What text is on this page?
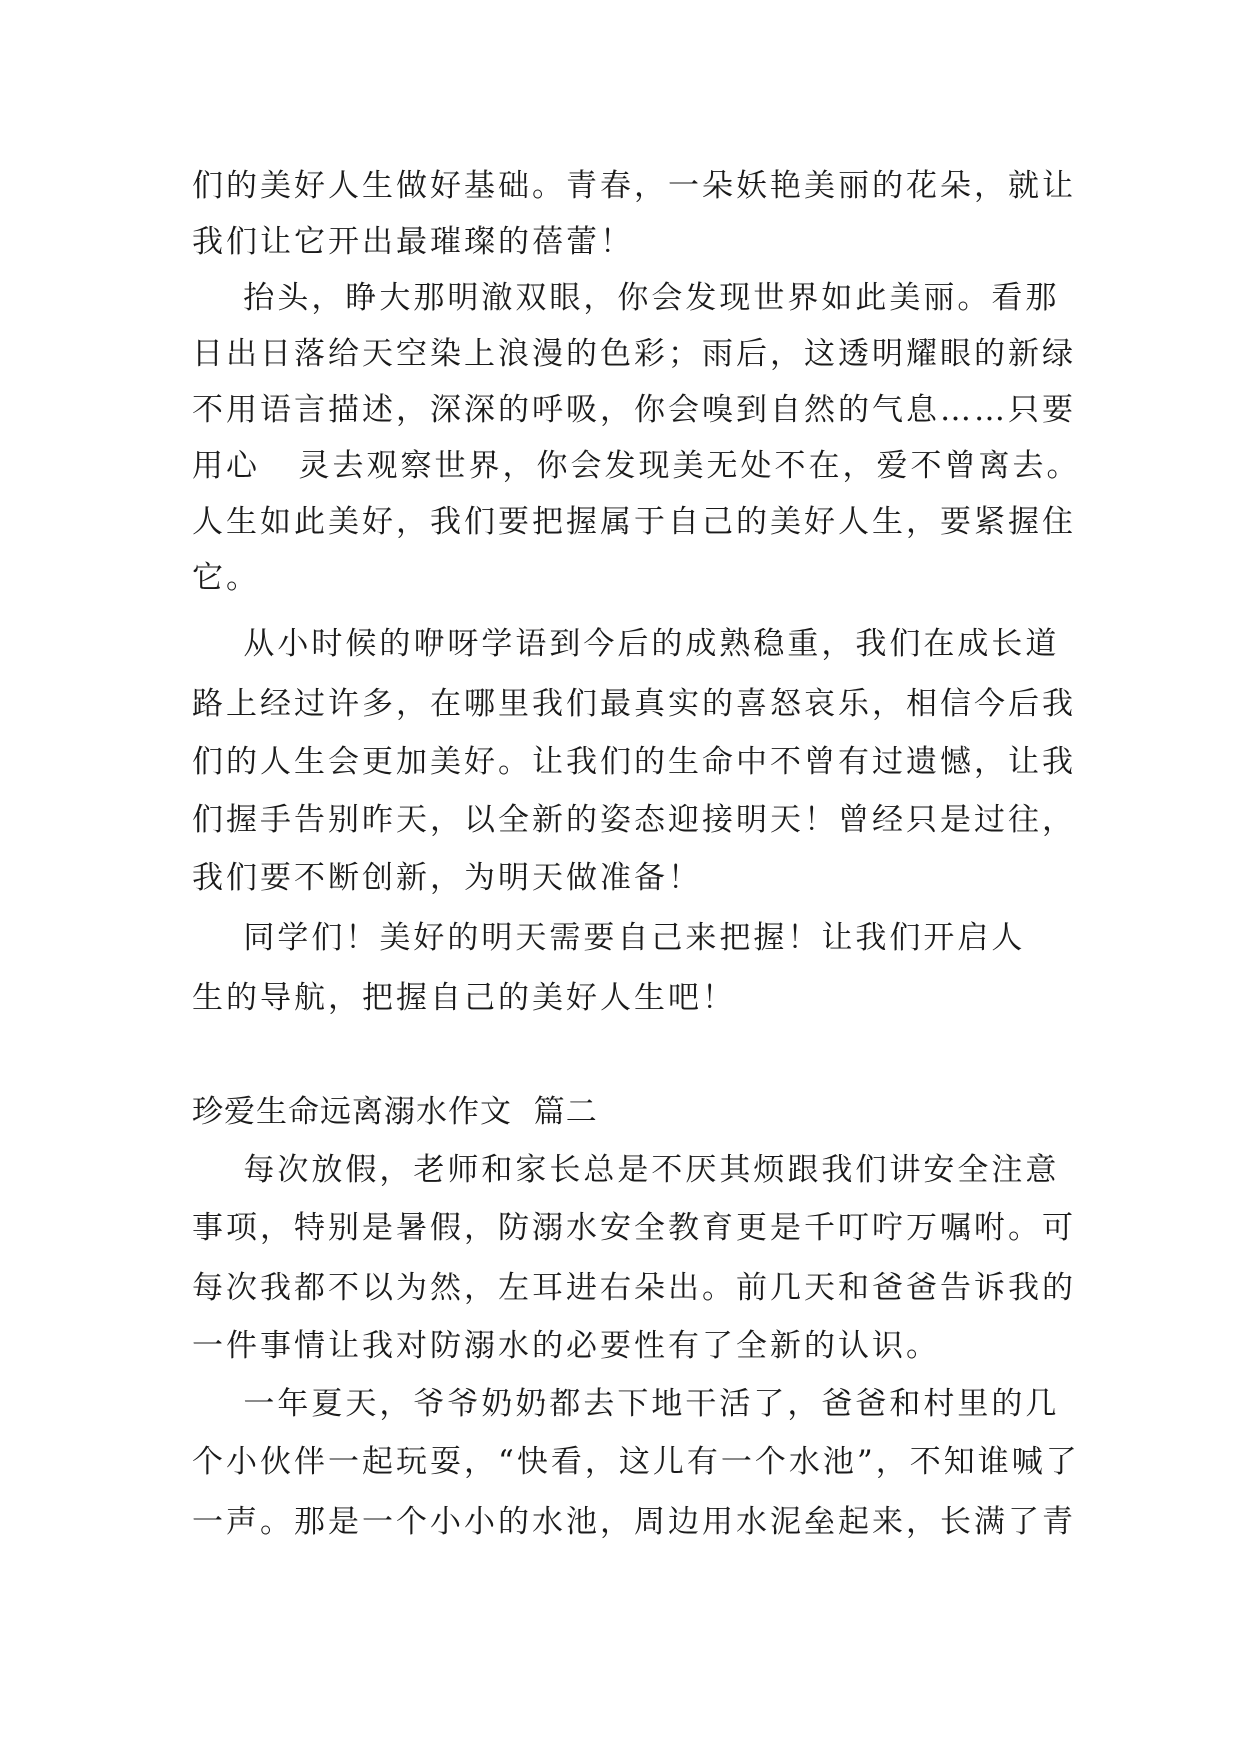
们的美好人生做好基础。青春，一朵妖艳美丽的花朵，就让
我们让它开出最璀璨的蓓蕾！
抬头，睁大那明澈双眼，你会发现世界如此美丽。看那
日出日落给天空染上浪漫的色彩；雨后，这透明耀眼的新绿
不用语言描述，深深的呼吸，你会嗅到自然的气息……只要
用心   灵去观察世界，你会发现美无处不在，爱不曾离去。
人生如此美好，我们要把握属于自己的美好人生，要紧握住
它。
从小时候的咿呀学语到今后的成熟稳重，我们在成长道
路上经过许多，在哪里我们最真实的喜怒哀乐，相信今后我
们的人生会更加美好。让我们的生命中不曾有过遗憾，让我
们握手告别昨天，以全新的姿态迎接明天！曾经只是过往，
我们要不断创新，为明天做准备！
同学们！美好的明天需要自己来把握！让我们开启人
生的导航，把握自己的美好人生吧！
珍爱生命远离溺水作文  篇二
每次放假，老师和家长总是不厌其烦跟我们讲安全注意
事项，特别是暑假，防溺水安全教育更是千叮咛万嘱咐。可
每次我都不以为然，左耳进右朵出。前几天和爸爸告诉我的
一件事情让我对防溺水的必要性有了全新的认识。
一年夏天，爷爷奶奶都去下地干活了，爸爸和村里的几
个小伙伴一起玩耍，“快看，这儿有一个水池”，不知谁喊了
一声。那是一个小小的水池，周边用水泥垒起来，长满了青
